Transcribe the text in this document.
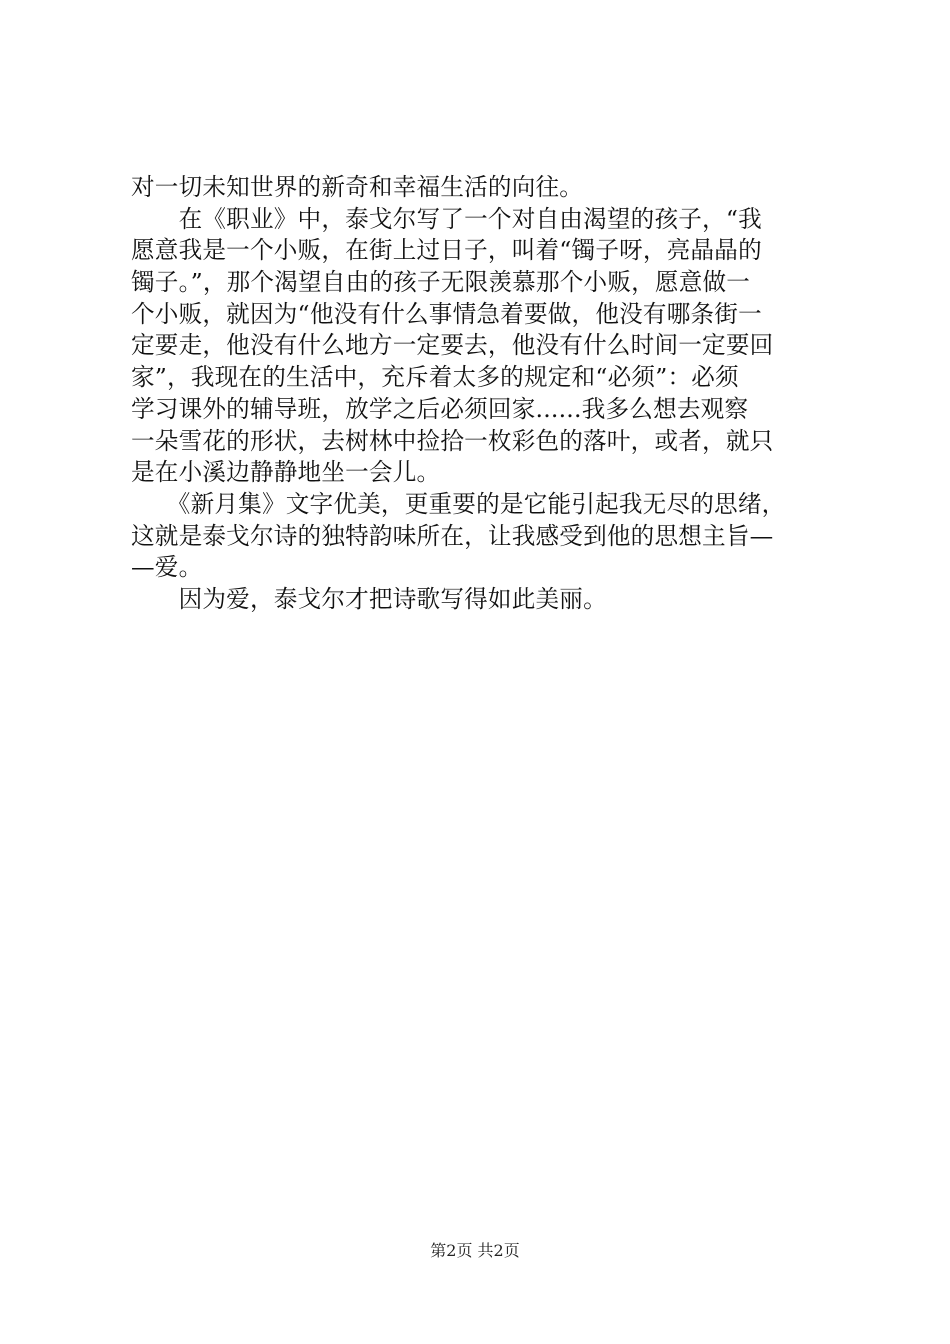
对一切未知世界的新奇和幸福生活的向往。
　　在《职业》中，泰戈尔写了一个对自由渴望的孩子，“我
愿意我是一个小贩，在街上过日子，叫着“镯子呀，亮晶晶的
镯子。”，那个渴望自由的孩子无限羡慕那个小贩，愿意做一
个小贩，就因为“他没有什么事情急着要做，他没有哪条街一
定要走，他没有什么地方一定要去，他没有什么时间一定要回
家”，我现在的生活中，充斥着太多的规定和“必须”：必须
学习课外的辅导班，放学之后必须回家......我多么想去观察
一朵雪花的形状，去树林中捡拾一枚彩色的落叶，或者，就只
是在小溪边静静地坐一会儿。
　　《新月集》文字优美，更重要的是它能引起我无尽的思绪，
这就是泰戈尔诗的独特韵味所在，让我感受到他的思想主旨—
—爱。
　　因为爱，泰戈尔才把诗歌写得如此美丽。
第2页 共2页
